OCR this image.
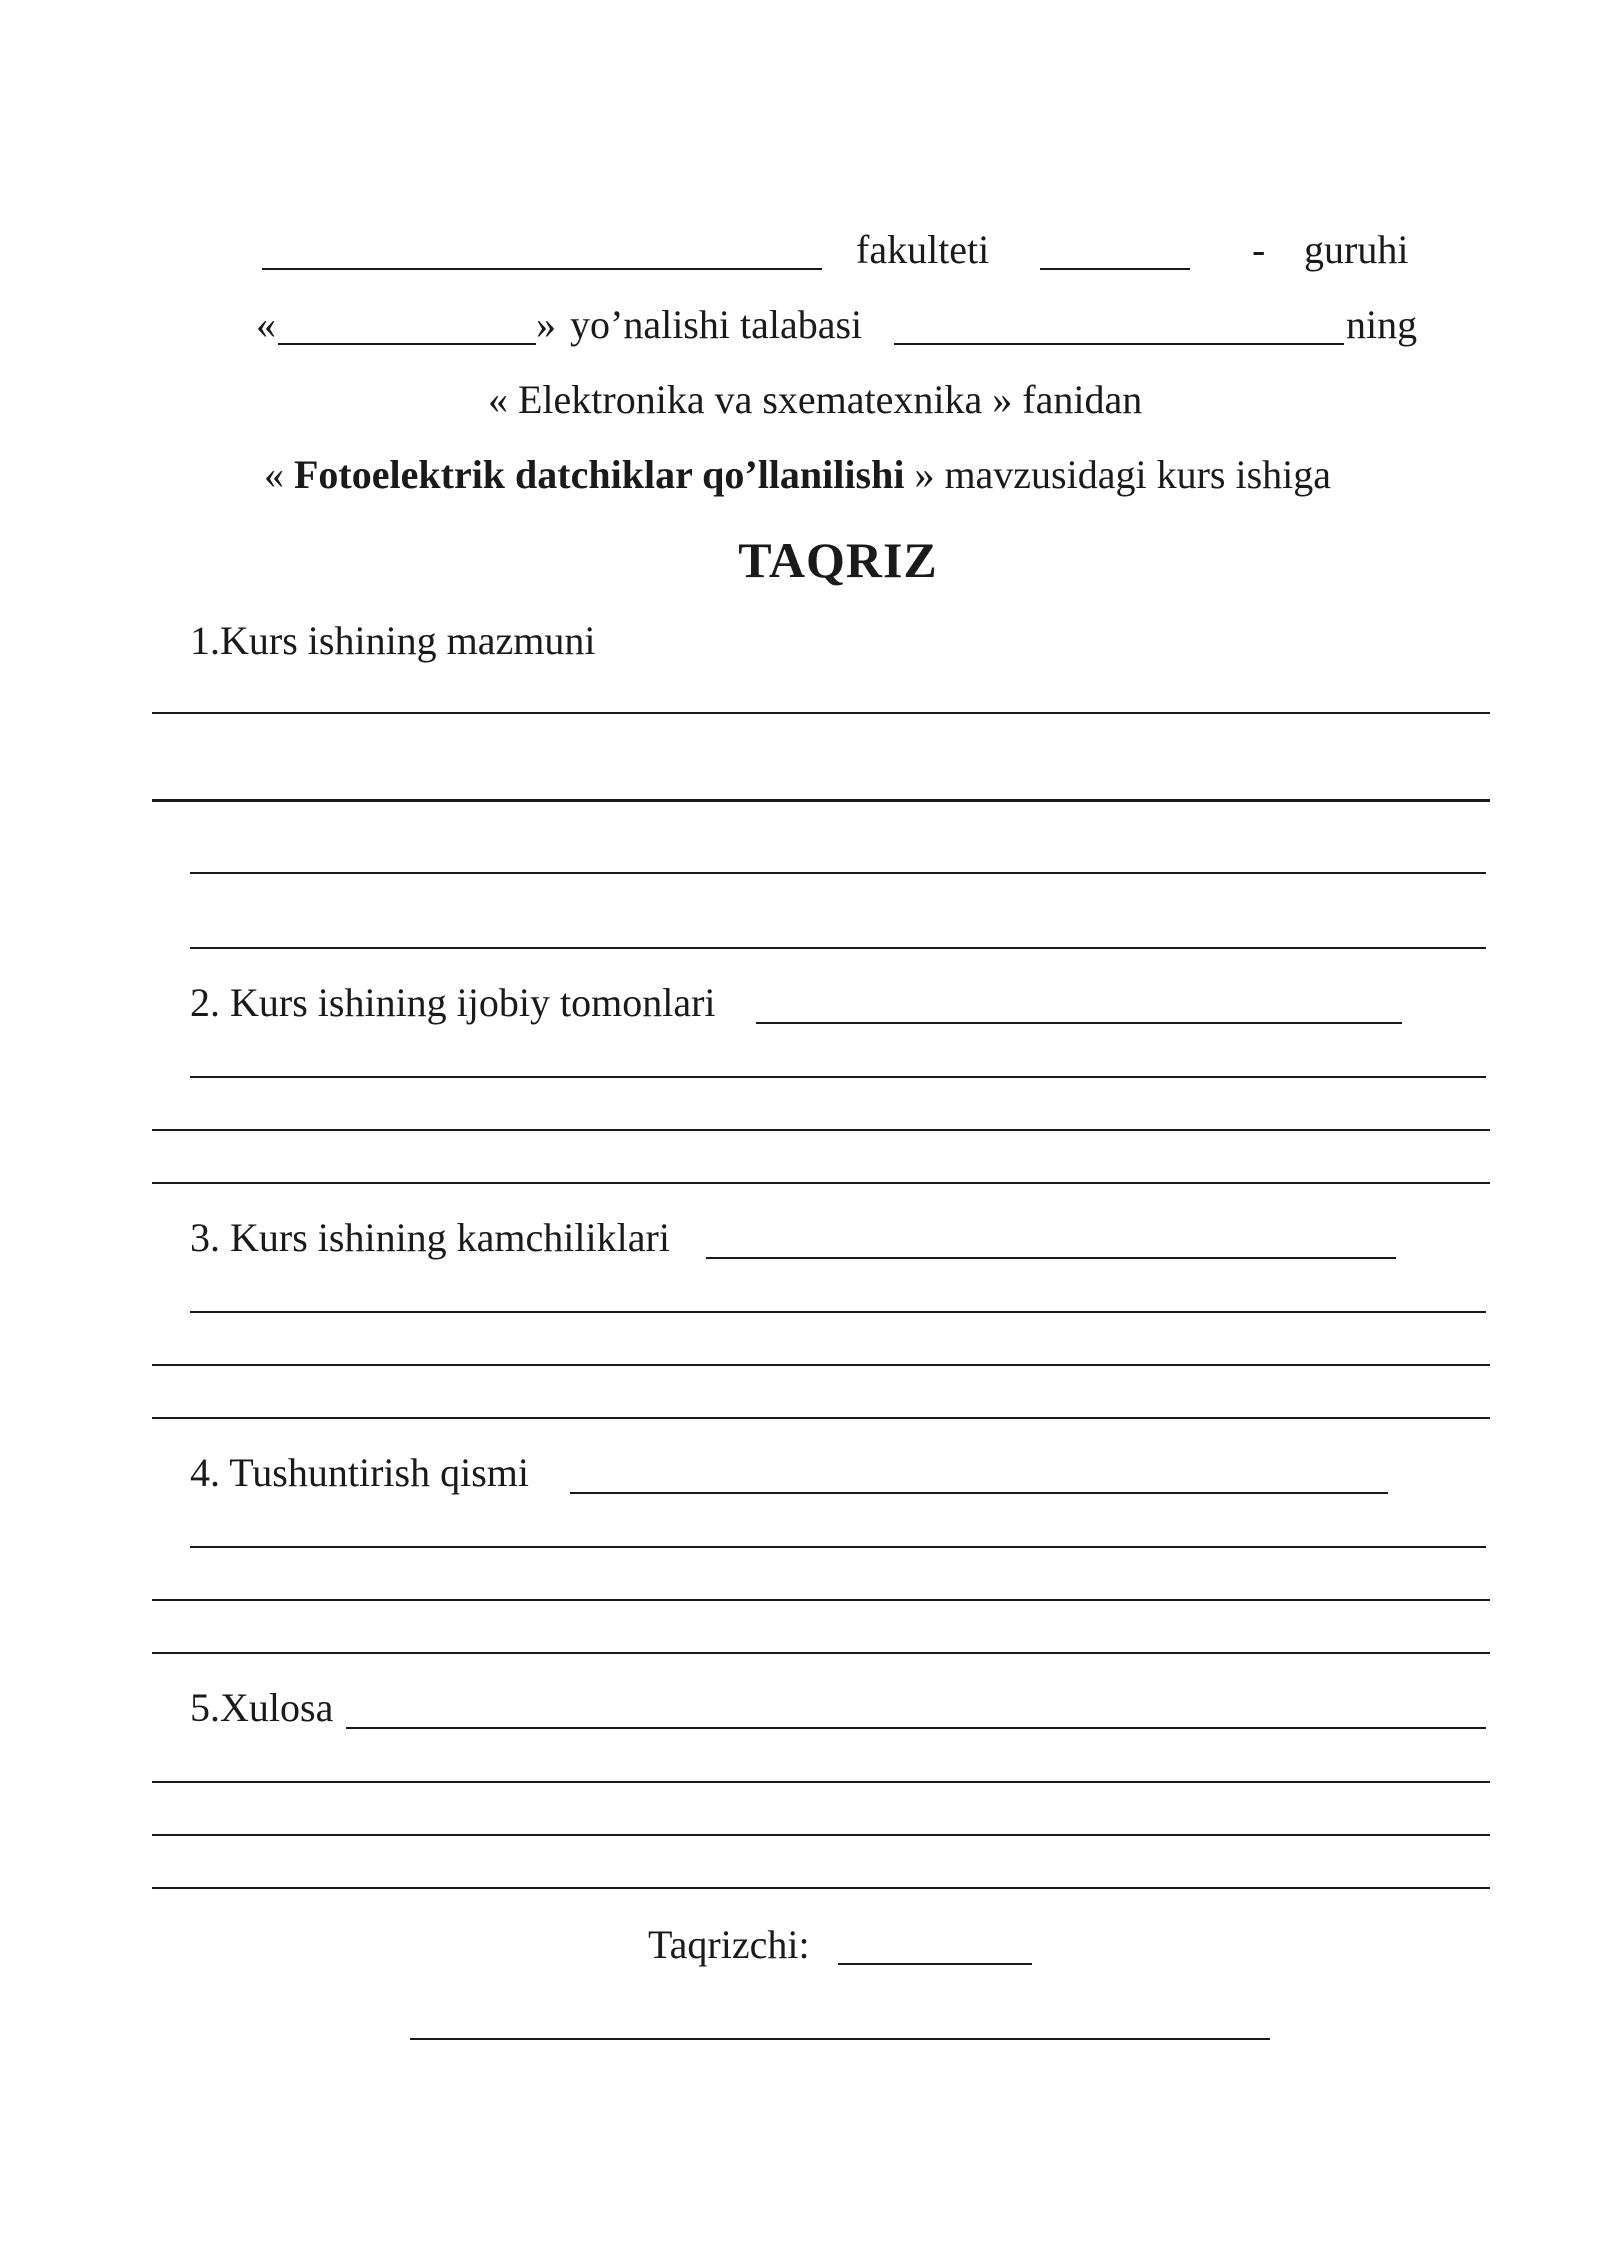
fakulteti	- guruhi
«	» yo’nalishi talabasi	ning
« Elektronika va sxematexnika » fanidan
« Fotoelektrik datchiklar qo’llanilishi » mavzusidagi kurs ishiga
TAQRIZ
1.Kurs ishining mazmuni
2. Kurs ishining ijobiy tomonlari
3. Kurs ishining kamchiliklari
4. Tushuntirish qismi
5.Xulosa
Taqrizchi:
